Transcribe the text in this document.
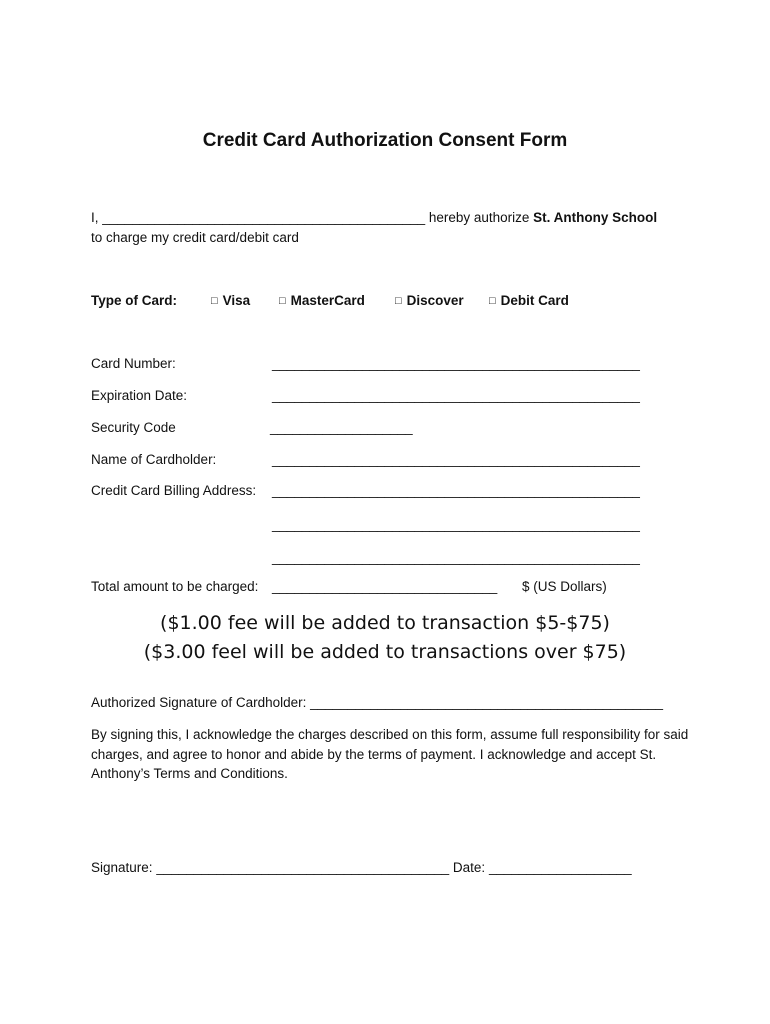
Credit Card Authorization Consent Form
I, ___________________________________________ hereby authorize St. Anthony School
to charge my credit card/debit card
Type of Card:	□ Visa	□ MasterCard	□ Discover □ Debit Card
Card Number:	_________________________________________________
Expiration Date:	_________________________________________________
Security Code	___________________
Name of Cardholder:	_________________________________________________
Credit Card Billing Address: _________________________________________________
_________________________________________________
_________________________________________________
Total amount to be charged: ______________________________ $ (US Dollars)
($1.00 fee will be added to transaction $5-$75)
($3.00 feel will be added to transactions over $75)
Authorized Signature of Cardholder: _______________________________________________
By signing this, I acknowledge the charges described on this form, assume full responsibility for said charges, and agree to honor and abide by the terms of payment. I acknowledge and accept St. Anthony’s Terms and Conditions.
Signature: _______________________________________ Date: ___________________
